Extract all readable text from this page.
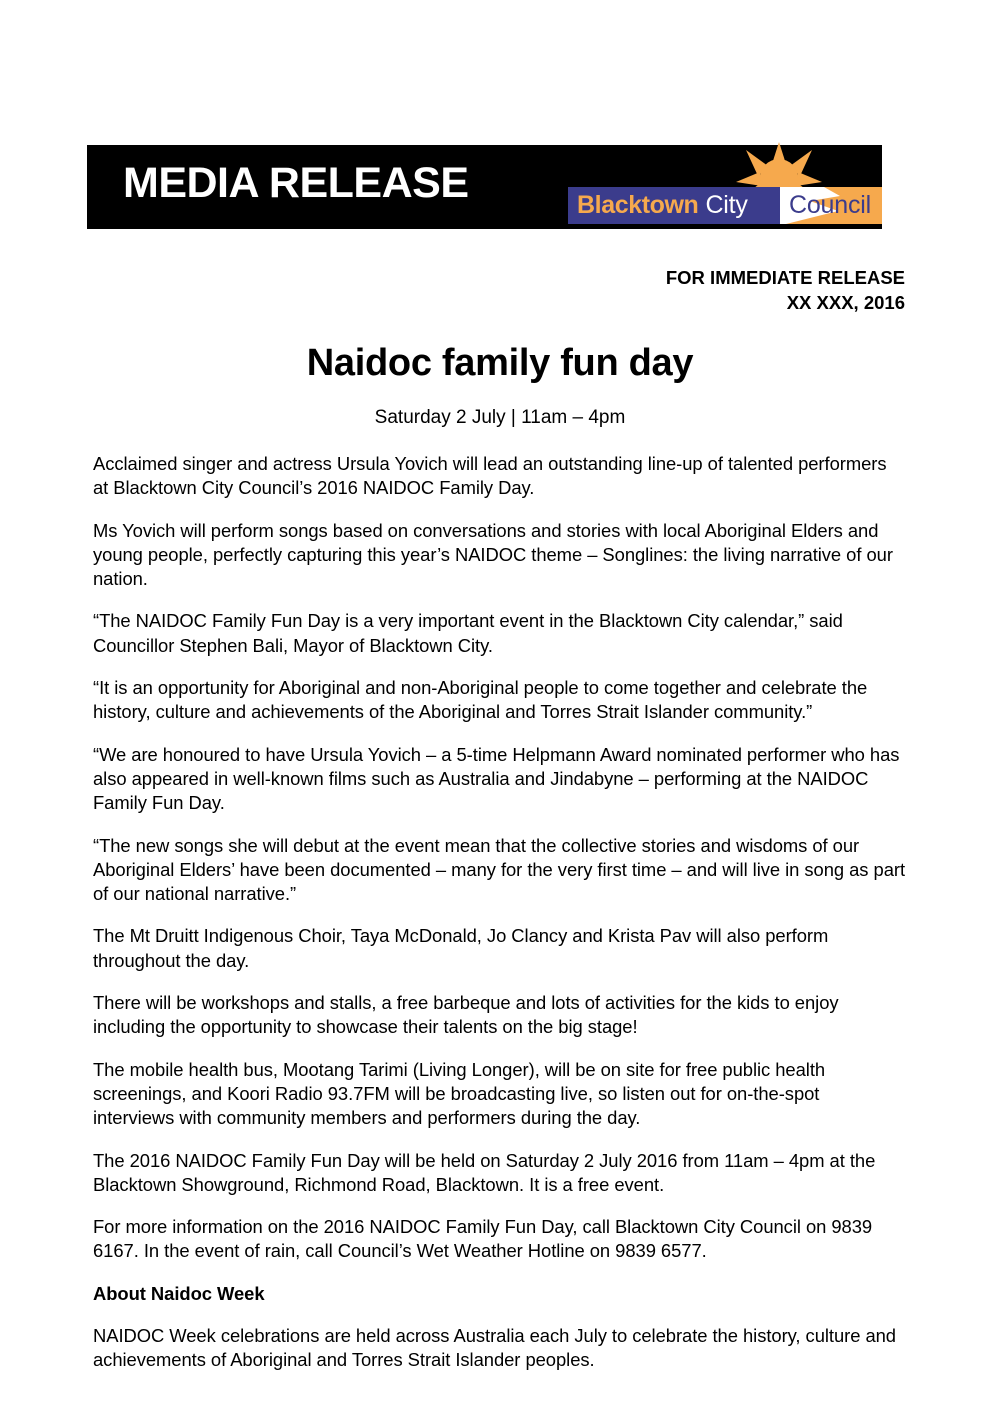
MEDIA RELEASE	Blacktown City Council
FOR IMMEDIATE RELEASE
XX XXX, 2016
Naidoc family fun day
Saturday 2 July | 11am – 4pm

Acclaimed singer and actress Ursula Yovich will lead an outstanding line-up of talented performers at Blacktown City Council’s 2016 NAIDOC Family Day.

Ms Yovich will perform songs based on conversations and stories with local Aboriginal Elders and young people, perfectly capturing this year’s NAIDOC theme – Songlines: the living narrative of our nation.

“The NAIDOC Family Fun Day is a very important event in the Blacktown City calendar,” said Councillor Stephen Bali, Mayor of Blacktown City.

“It is an opportunity for Aboriginal and non-Aboriginal people to come together and celebrate the history, culture and achievements of the Aboriginal and Torres Strait Islander community.”

“We are honoured to have Ursula Yovich – a 5-time Helpmann Award nominated performer who has also appeared in well-known films such as Australia and Jindabyne – performing at the NAIDOC Family Fun Day.

“The new songs she will debut at the event mean that the collective stories and wisdoms of our Aboriginal Elders’ have been documented – many for the very first time – and will live in song as part of our national narrative.”

The Mt Druitt Indigenous Choir, Taya McDonald, Jo Clancy and Krista Pav will also perform throughout the day.

There will be workshops and stalls, a free barbeque and lots of activities for the kids to enjoy including the opportunity to showcase their talents on the big stage!

The mobile health bus, Mootang Tarimi (Living Longer), will be on site for free public health screenings, and Koori Radio 93.7FM will be broadcasting live, so listen out for on-the-spot interviews with community members and performers during the day.

The 2016 NAIDOC Family Fun Day will be held on Saturday 2 July 2016 from 11am – 4pm at the Blacktown Showground, Richmond Road, Blacktown. It is a free event.

For more information on the 2016 NAIDOC Family Fun Day, call Blacktown City Council on 9839 6167. In the event of rain, call Council’s Wet Weather Hotline on 9839 6577.

About Naidoc Week

NAIDOC Week celebrations are held across Australia each July to celebrate the history, culture and achievements of Aboriginal and Torres Strait Islander peoples.
